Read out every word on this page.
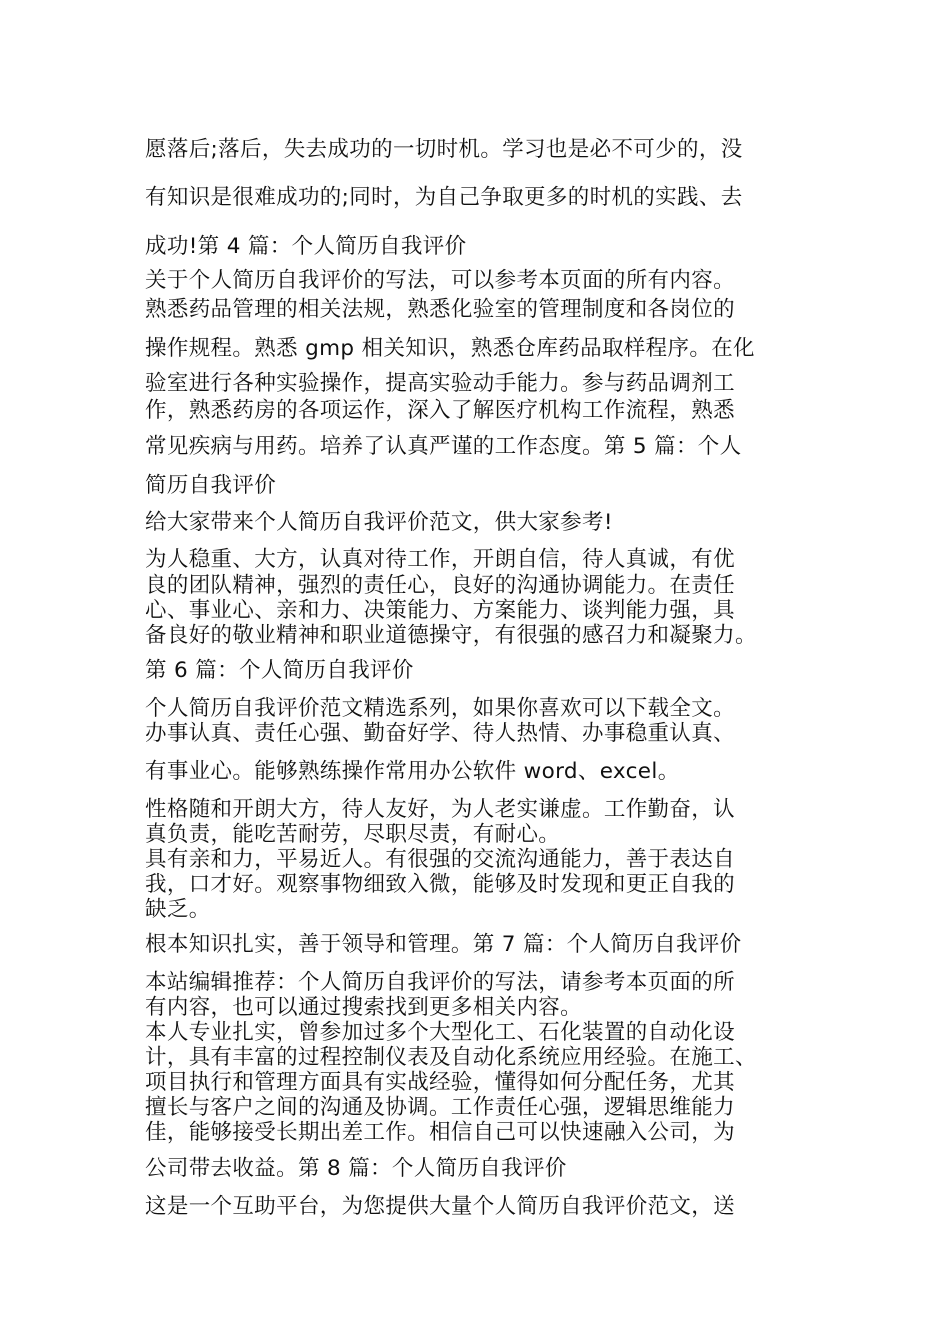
愿落后;落后，失去成功的一切时机。学习也是必不可少的，没
有知识是很难成功的;同时，为自己争取更多的时机的实践、去
成功!第 4 篇：个人简历自我评价
关于个人简历自我评价的写法，可以参考本页面的所有内容。
熟悉药品管理的相关法规，熟悉化验室的管理制度和各岗位的
操作规程。熟悉 gmp 相关知识，熟悉仓库药品取样程序。在化
验室进行各种实验操作，提高实验动手能力。参与药品调剂工
作，熟悉药房的各项运作，深入了解医疗机构工作流程，熟悉
常见疾病与用药。培养了认真严谨的工作态度。第 5 篇：个人
简历自我评价
给大家带来个人简历自我评价范文，供大家参考!
为人稳重、大方，认真对待工作，开朗自信，待人真诚，有优
良的团队精神，强烈的责任心，良好的沟通协调能力。在责任
心、事业心、亲和力、决策能力、方案能力、谈判能力强，具
备良好的敬业精神和职业道德操守，有很强的感召力和凝聚力。
第 6 篇：个人简历自我评价
个人简历自我评价范文精选系列，如果你喜欢可以下载全文。
办事认真、责任心强、勤奋好学、待人热情、办事稳重认真、
有事业心。能够熟练操作常用办公软件 word、excel。
性格随和开朗大方，待人友好，为人老实谦虚。工作勤奋，认
真负责，能吃苦耐劳，尽职尽责，有耐心。
具有亲和力，平易近人。有很强的交流沟通能力，善于表达自
我，口才好。观察事物细致入微，能够及时发现和更正自我的
缺乏。
根本知识扎实，善于领导和管理。第 7 篇：个人简历自我评价
本站编辑推荐：个人简历自我评价的写法，请参考本页面的所
有内容，也可以通过搜索找到更多相关内容。
本人专业扎实，曾参加过多个大型化工、石化装置的自动化设
计，具有丰富的过程控制仪表及自动化系统应用经验。在施工、
项目执行和管理方面具有实战经验，懂得如何分配任务，尤其
擅长与客户之间的沟通及协调。工作责任心强，逻辑思维能力
佳，能够接受长期出差工作。相信自己可以快速融入公司，为
公司带去收益。第 8 篇：个人简历自我评价
这是一个互助平台，为您提供大量个人简历自我评价范文，送
